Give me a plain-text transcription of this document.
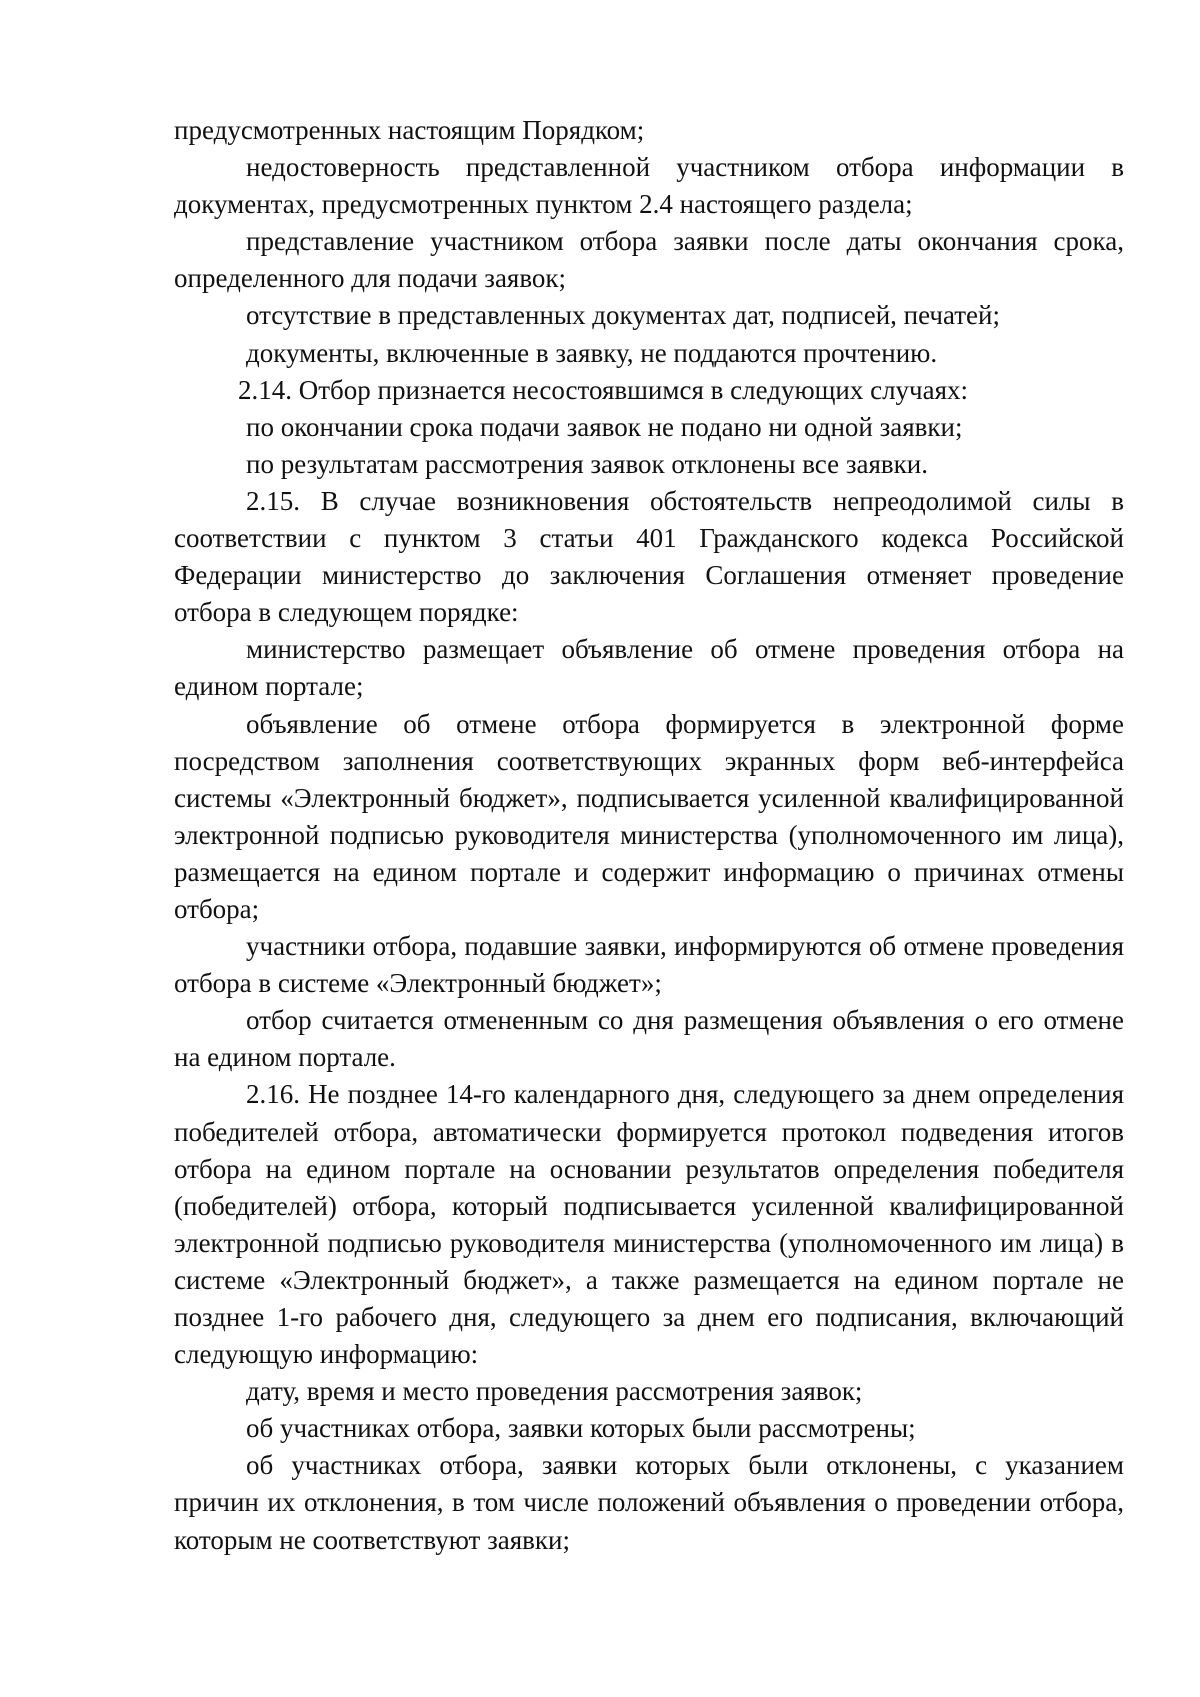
предусмотренных настоящим Порядком;

недостоверность представленной участником отбора информации в документах, предусмотренных пунктом 2.4 настоящего раздела;

представление участником отбора заявки после даты окончания срока, определенного для подачи заявок;

отсутствие в представленных документах дат, подписей, печатей;

документы, включенные в заявку, не поддаются прочтению.

2.14. Отбор признается несостоявшимся в следующих случаях:

по окончании срока подачи заявок не подано ни одной заявки;

по результатам рассмотрения заявок отклонены все заявки.

2.15. В случае возникновения обстоятельств непреодолимой силы в соответствии с пунктом 3 статьи 401 Гражданского кодекса Российской Федерации министерство до заключения Соглашения отменяет проведение отбора в следующем порядке:

министерство размещает объявление об отмене проведения отбора на едином портале;

объявление об отмене отбора формируется в электронной форме посредством заполнения соответствующих экранных форм веб-интерфейса системы «Электронный бюджет», подписывается усиленной квалифицированной электронной подписью руководителя министерства (уполномоченного им лица), размещается на едином портале и содержит информацию о причинах отмены отбора;

участники отбора, подавшие заявки, информируются об отмене проведения отбора в системе «Электронный бюджет»;

отбор считается отмененным со дня размещения объявления о его отмене на едином портале.

2.16. Не позднее 14-го календарного дня, следующего за днем определения победителей отбора, автоматически формируется протокол подведения итогов отбора на едином портале на основании результатов определения победителя (победителей) отбора, который подписывается усиленной квалифицированной электронной подписью руководителя министерства (уполномоченного им лица) в системе «Электронный бюджет», а также размещается на едином портале не позднее 1-го рабочего дня, следующего за днем его подписания, включающий следующую информацию:

дату, время и место проведения рассмотрения заявок;

об участниках отбора, заявки которых были рассмотрены;

об участниках отбора, заявки которых были отклонены, с указанием причин их отклонения, в том числе положений объявления о проведении отбора, которым не соответствуют заявки;
